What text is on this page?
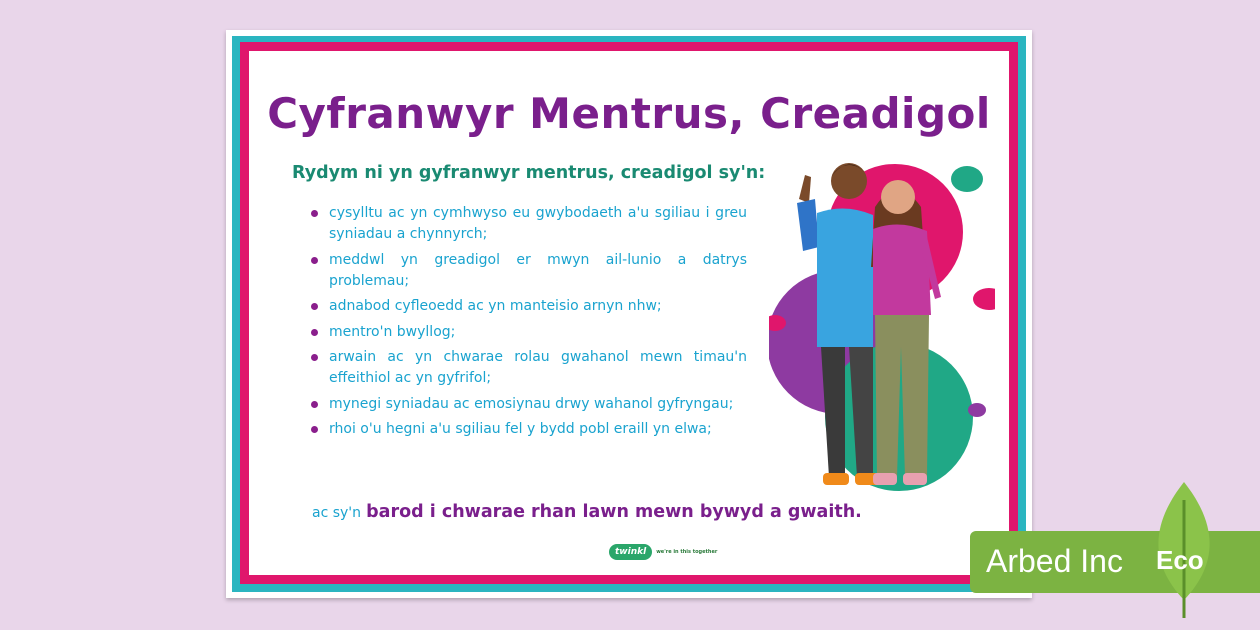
Cyfranwyr Mentrus, Creadigol

Rydym ni yn gyfranwyr mentrus, creadigol sy'n:

cysylltu ac yn cymhwyso eu gwybodaeth a'u sgiliau i greu syniadau a chynnyrch;
meddwl yn greadigol er mwyn ail-lunio a datrys problemau;
adnabod cyfleoedd ac yn manteisio arnyn nhw;
mentro'n bwyllog;
arwain ac yn chwarae rolau gwahanol mewn timau'n effeithiol ac yn gyfrifol;
mynegi syniadau ac emosiynau drwy wahanol gyfryngau;
rhoi o'u hegni a'u sgiliau fel y bydd pobl eraill yn elwa;

ac sy'n barod i chwarae rhan lawn mewn bywyd a gwaith.

twinkl	we're in this together	Arbed Inc Eco
